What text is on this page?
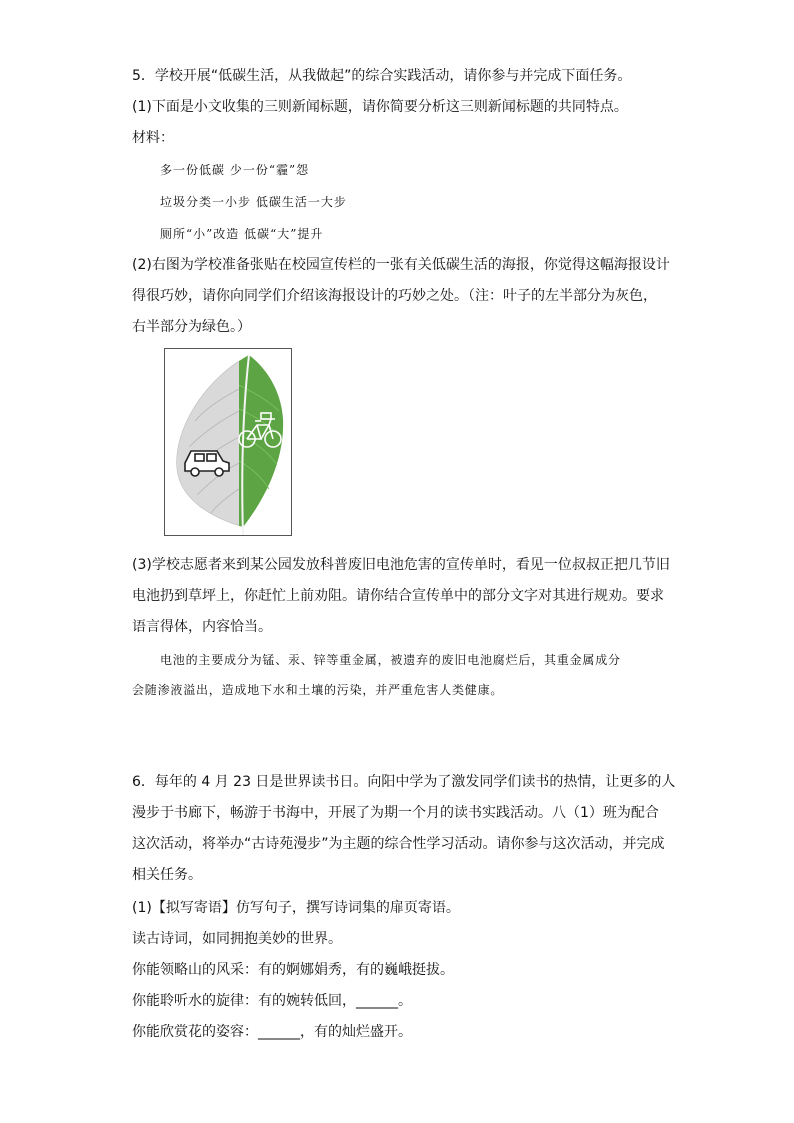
5．学校开展“低碳生活，从我做起”的综合实践活动，请你参与并完成下面任务。
(1)下面是小文收集的三则新闻标题，请你简要分析这三则新闻标题的共同特点。
材料：
多一份低碳 少一份“霾”怨
垃圾分类一小步 低碳生活一大步
厕所“小”改造 低碳“大”提升
(2)右图为学校准备张贴在校园宣传栏的一张有关低碳生活的海报，你觉得这幅海报设计
得很巧妙，请你向同学们介绍该海报设计的巧妙之处。（注：叶子的左半部分为灰色，
右半部分为绿色。）
(3)学校志愿者来到某公园发放科普废旧电池危害的宣传单时，看见一位叔叔正把几节旧
电池扔到草坪上，你赶忙上前劝阻。请你结合宣传单中的部分文字对其进行规劝。要求
语言得体，内容恰当。
电池的主要成分为锰、汞、锌等重金属，被遗弃的废旧电池腐烂后，其重金属成分
会随渗液溢出，造成地下水和土壤的污染，并严重危害人类健康。
6．每年的 4 月 23 日是世界读书日。向阳中学为了激发同学们读书的热情，让更多的人
漫步于书廊下，畅游于书海中，开展了为期一个月的读书实践活动。八（1）班为配合
这次活动，将举办“古诗苑漫步”为主题的综合性学习活动。请你参与这次活动，并完成
相关任务。
(1)【拟写寄语】仿写句子，撰写诗词集的扉页寄语。
读古诗词，如同拥抱美妙的世界。
你能领略山的风采：有的婀娜娟秀，有的巍峨挺拔。
你能聆听水的旋律：有的婉转低回，______。
你能欣赏花的姿容：______，有的灿烂盛开。
